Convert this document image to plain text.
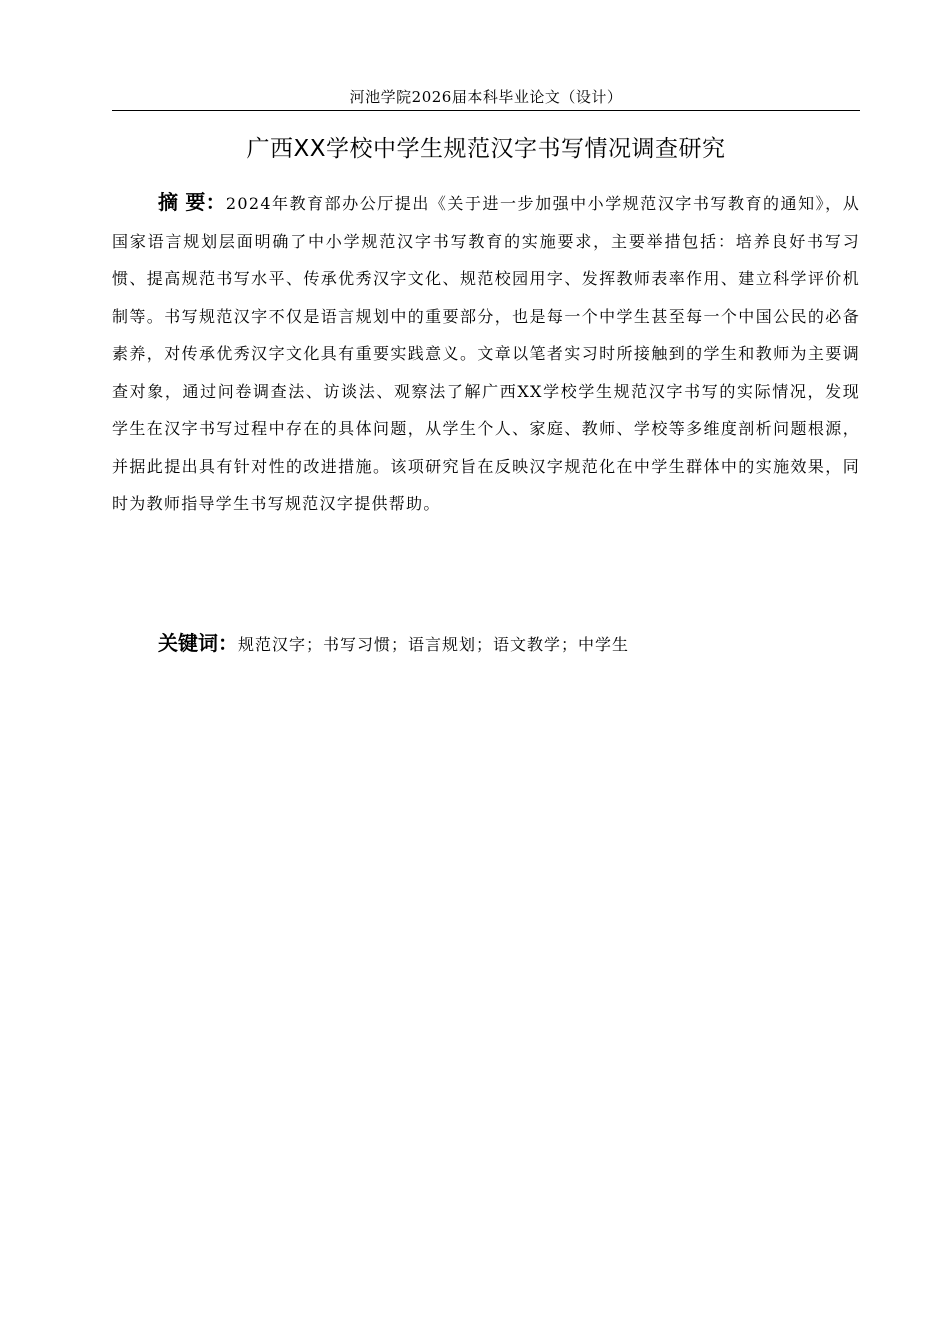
河池学院2026届本科毕业论文（设计）
广西XX学校中学生规范汉字书写情况调查研究

摘 要：2024年教育部办公厅提出《关于进一步加强中小学规范汉字书写教育的通知》，从国家语言规划层面明确了中小学规范汉字书写教育的实施要求，主要举措包括：培养良好书写习惯、提高规范书写水平、传承优秀汉字文化、规范校园用字、发挥教师表率作用、建立科学评价机制等。书写规范汉字不仅是语言规划中的重要部分，也是每一个中学生甚至每一个中国公民的必备素养，对传承优秀汉字文化具有重要实践意义。文章以笔者实习时所接触到的学生和教师为主要调查对象，通过问卷调查法、访谈法、观察法了解广西XX学校学生规范汉字书写的实际情况，发现学生在汉字书写过程中存在的具体问题，从学生个人、家庭、教师、学校等多维度剖析问题根源，并据此提出具有针对性的改进措施。该项研究旨在反映汉字规范化在中学生群体中的实施效果，同时为教师指导学生书写规范汉字提供帮助。

关键词：规范汉字；书写习惯；语言规划；语文教学；中学生
